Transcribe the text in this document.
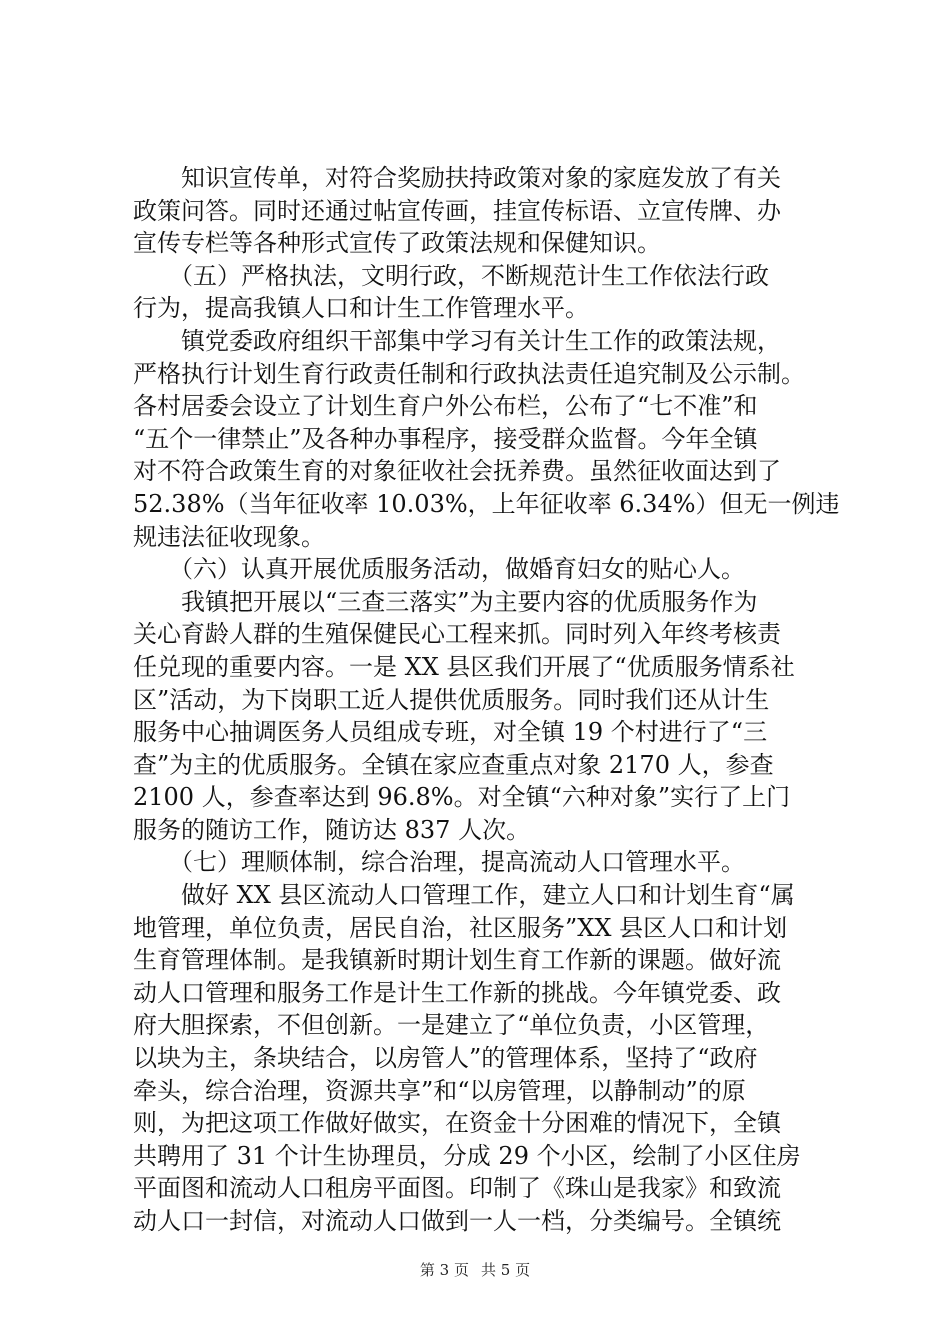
　　知识宣传单，对符合奖励扶持政策对象的家庭发放了有关
政策问答。同时还通过帖宣传画，挂宣传标语、立宣传牌、办
宣传专栏等各种形式宣传了政策法规和保健知识。
　　（五）严格执法，文明行政，不断规范计生工作依法行政
行为，提高我镇人口和计生工作管理水平。
　　镇党委政府组织干部集中学习有关计生工作的政策法规，
严格执行计划生育行政责任制和行政执法责任追究制及公示制。
各村居委会设立了计划生育户外公布栏，公布了“七不准”和
“五个一律禁止”及各种办事程序，接受群众监督。今年全镇
对不符合政策生育的对象征收社会抚养费。虽然征收面达到了
52.38%（当年征收率 10.03%，上年征收率 6.34%）但无一例违
规违法征收现象。
　　（六）认真开展优质服务活动，做婚育妇女的贴心人。
　　我镇把开展以“三查三落实”为主要内容的优质服务作为
关心育龄人群的生殖保健民心工程来抓。同时列入年终考核责
任兑现的重要内容。一是 XX 县区我们开展了“优质服务情系社
区”活动，为下岗职工近人提供优质服务。同时我们还从计生
服务中心抽调医务人员组成专班，对全镇 19 个村进行了“三
查”为主的优质服务。全镇在家应查重点对象 2170 人，参查
2100 人，参查率达到 96.8%。对全镇“六种对象”实行了上门
服务的随访工作，随访达 837 人次。
　　（七）理顺体制，综合治理，提高流动人口管理水平。
　　做好 XX 县区流动人口管理工作，建立人口和计划生育“属
地管理，单位负责，居民自治，社区服务”XX 县区人口和计划
生育管理体制。是我镇新时期计划生育工作新的课题。做好流
动人口管理和服务工作是计生工作新的挑战。今年镇党委、政
府大胆探索，不但创新。一是建立了“单位负责，小区管理，
以块为主，条块结合，以房管人”的管理体系，坚持了“政府
牵头，综合治理，资源共享”和“以房管理，以静制动”的原
则，为把这项工作做好做实，在资金十分困难的情况下，全镇
共聘用了 31 个计生协理员，分成 29 个小区，绘制了小区住房
平面图和流动人口租房平面图。印制了《珠山是我家》和致流
动人口一封信，对流动人口做到一人一档，分类编号。全镇统
第 3 页 共 5 页
